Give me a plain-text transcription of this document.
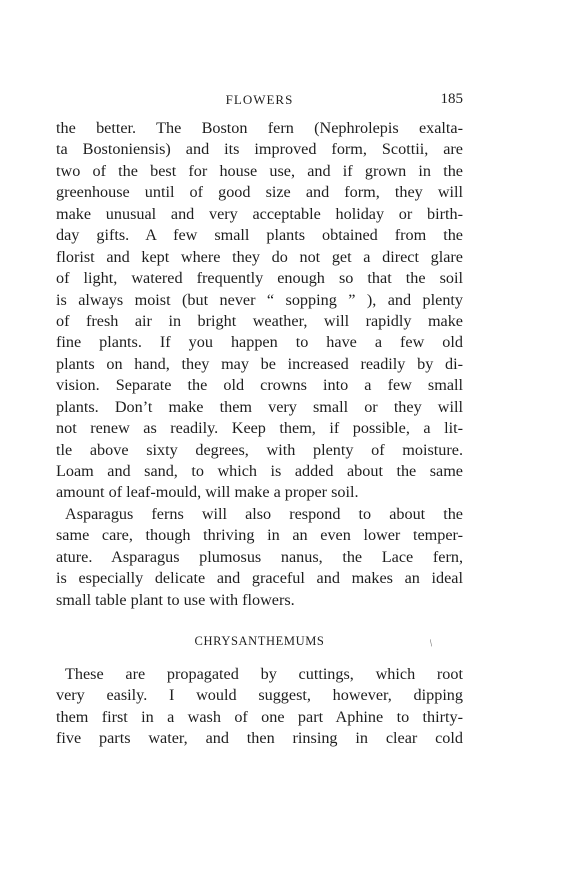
FLOWERS	185
the better. The Boston fern (Nephrolepis exalta-
ta Bostoniensis) and its improved form, Scottii, are
two of the best for house use, and if grown in the
greenhouse until of good size and form, they will
make unusual and very acceptable holiday or birth-
day gifts. A few small plants obtained from the
florist and kept where they do not get a direct glare
of light, watered frequently enough so that the soil
is always moist (but never “ sopping ” ), and plenty
of fresh air in bright weather, will rapidly make
fine plants. If you happen to have a few old
plants on hand, they may be increased readily by di-
vision. Separate the old crowns into a few small
plants. Don’t make them very small or they will
not renew as readily. Keep them, if possible, a lit-
tle above sixty degrees, with plenty of moisture.
Loam and sand, to which is added about the same
amount of leaf-mould, will make a proper soil.
Asparagus ferns will also respond to about the
same care, though thriving in an even lower temper-
ature. Asparagus plumosus nanus, the Lace fern,
is especially delicate and graceful and makes an ideal
small table plant to use with flowers.
CHRYSANTHEMUMS	/
These are propagated by cuttings, which root
very easily. I would suggest, however, dipping
them first in a wash of one part Aphine to thirty-
five parts water, and then rinsing in clear cold
